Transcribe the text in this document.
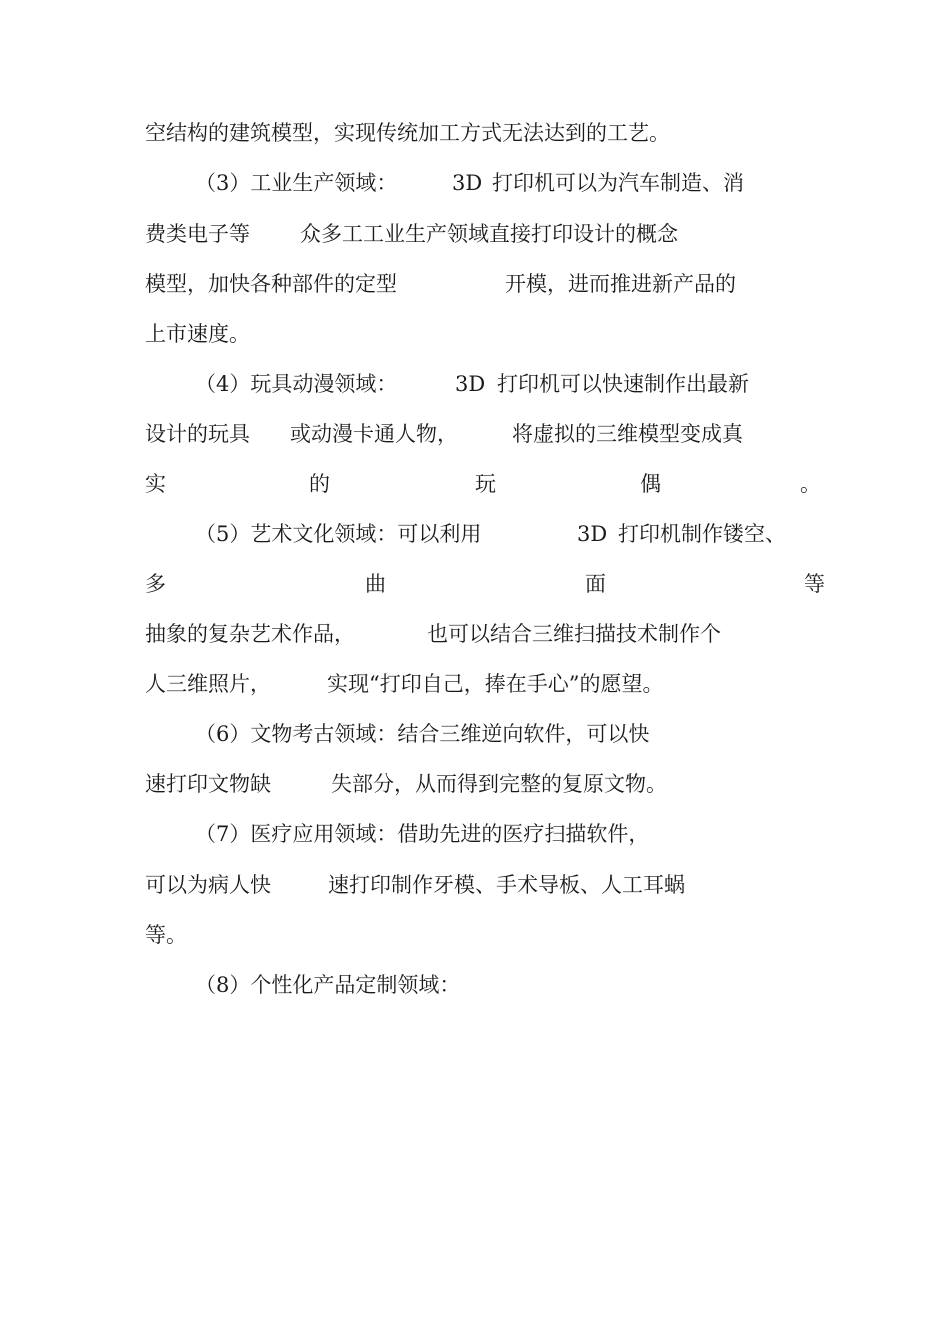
空结构的建筑模型，实现传统加工方式无法达到的工艺。
（3）工业生产领域：	3D 打印机可以为汽车制造、消
费类电子等 众多工工业生产领域直接打印设计的概念
模型，加快各种部件的定型	开模，进而推进新产品的
上市速度。
（4）玩具动漫领域：	3D 打印机可以快速制作出最新
设计的玩具 或动漫卡通人物，	将虚拟的三维模型变成真
实	的	玩	偶	。
（5）艺术文化领域：可以利用	3D 打印机制作镂空、
多	曲	面	等
抽象的复杂艺术作品，	也可以结合三维扫描技术制作个
人三维照片，	实现“打印自己，捧在手心”的愿望。
（6）文物考古领域：结合三维逆向软件，可以快
速打印文物缺	失部分，从而得到完整的复原文物。
（7）医疗应用领域：借助先进的医疗扫描软件，
可以为病人快	速打印制作牙模、手术导板、人工耳蜗
等。
（8）个性化产品定制领域：
